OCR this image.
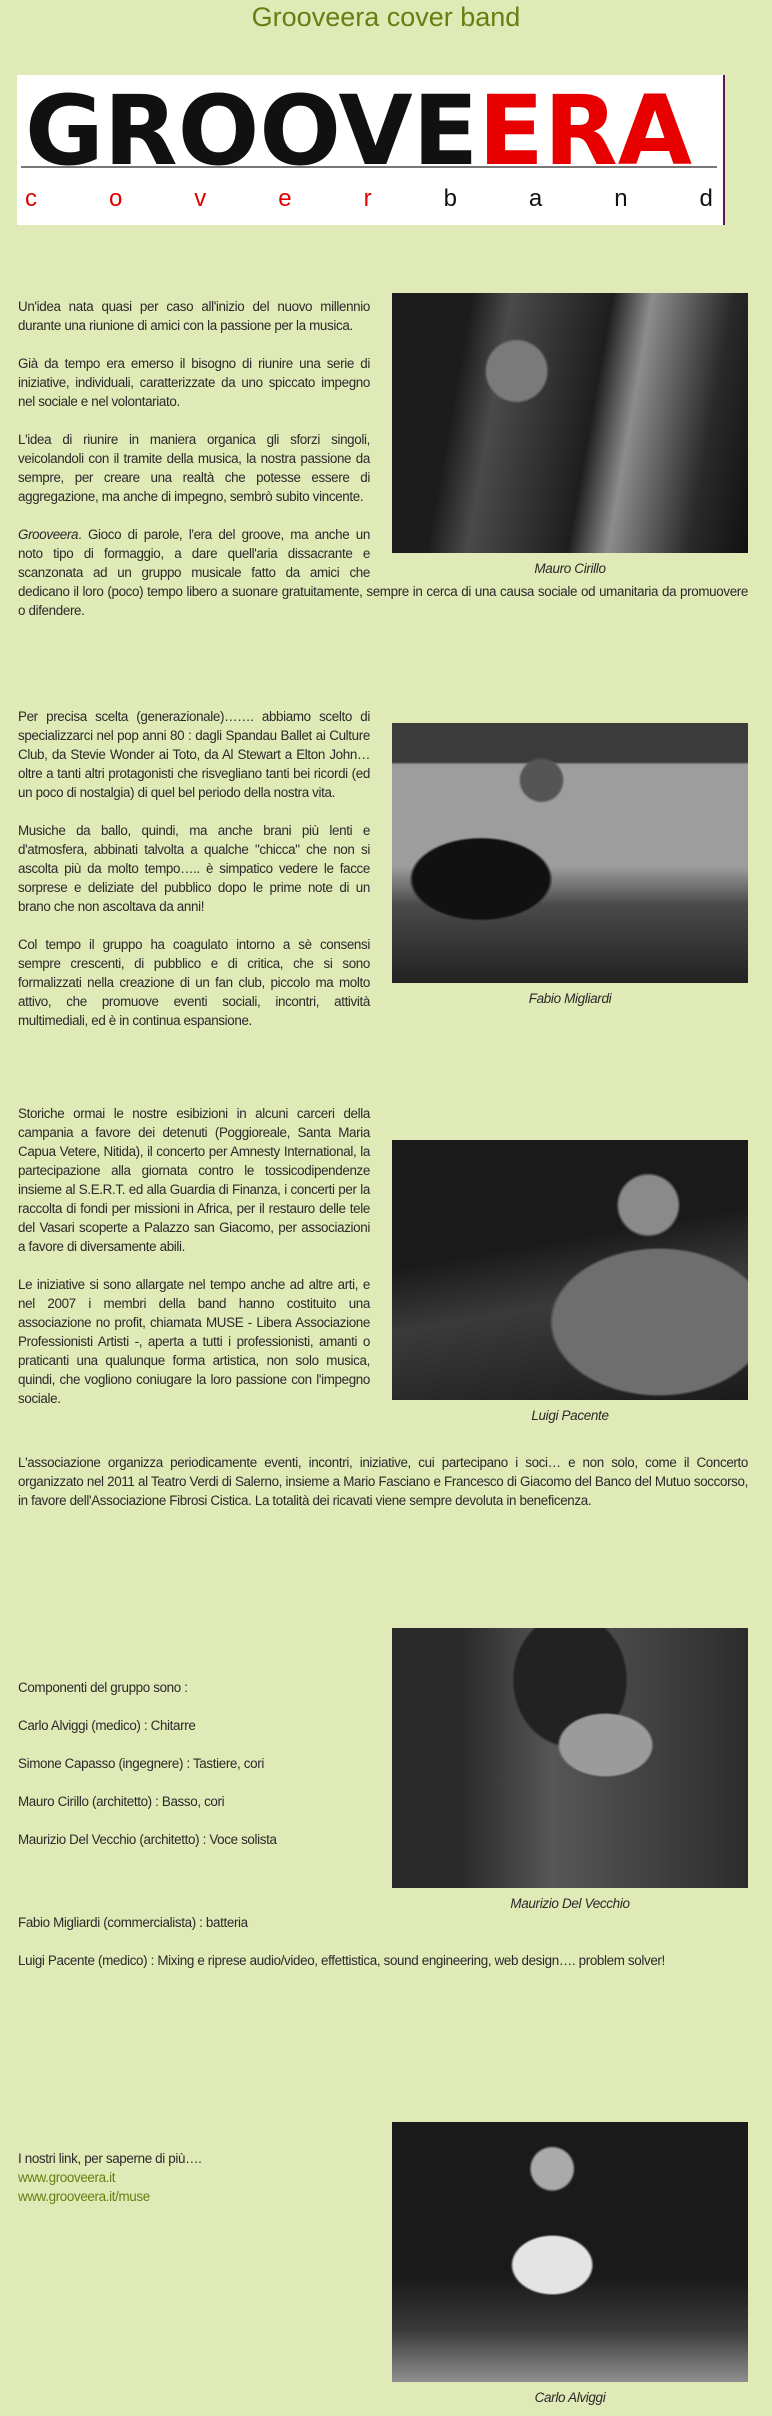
Grooveera cover band
GROOVEERA
c	o	v	e	r	b	a	n	d
Mauro Cirillo

Un'idea nata quasi per caso all'inizio del nuovo millennio durante una riunione di amici con la passione per la musica.

Già da tempo era emerso il bisogno di riunire una serie di iniziative, individuali, caratterizzate da uno spiccato impegno nel sociale e nel volontariato.

L'idea di riunire in maniera organica gli sforzi singoli, veicolandoli con il tramite della musica, la nostra passione da sempre, per creare una realtà che potesse essere di aggregazione, ma anche di impegno, sembrò subito vincente.

Grooveera. Gioco di parole, l'era del groove, ma anche un noto tipo di formaggio, a dare quell'aria dissacrante e scanzonata ad un gruppo musicale fatto da amici che dedicano il loro (poco) tempo libero a suonare gratuitamente, sempre in cerca di una causa sociale od umanitaria da promuovere o difendere.

Fabio Migliardi

Per precisa scelta (generazionale)……. abbiamo scelto di specializzarci nel pop anni 80 : dagli Spandau Ballet ai Culture Club, da Stevie Wonder ai Toto, da Al Stewart a Elton John… oltre a tanti altri protagonisti che risvegliano tanti bei ricordi (ed un poco di nostalgia) di quel bel periodo della nostra vita.

Musiche da ballo, quindi, ma anche brani più lenti e d'atmosfera, abbinati talvolta a qualche "chicca" che non si ascolta più da molto tempo….. è simpatico vedere le facce sorprese e deliziate del pubblico dopo le prime note di un brano che non ascoltava da anni!

Col tempo il gruppo ha coagulato intorno a sè consensi sempre crescenti, di pubblico e di critica, che si sono formalizzati nella creazione di un fan club, piccolo ma molto attivo, che promuove eventi sociali, incontri, attività multimediali, ed è in continua espansione.

Luigi Pacente

Storiche ormai le nostre esibizioni in alcuni carceri della campania a favore dei detenuti (Poggioreale, Santa Maria Capua Vetere, Nitida), il concerto per Amnesty International, la partecipazione alla giornata contro le tossicodipendenze insieme al S.E.R.T. ed alla Guardia di Finanza, i concerti per la raccolta di fondi per missioni in Africa, per il restauro delle tele del Vasari scoperte a Palazzo san Giacomo, per associazioni a favore di diversamente abili.

Le iniziative si sono allargate nel tempo anche ad altre arti, e nel 2007 i membri della band hanno costituito una associazione no profit, chiamata MUSE - Libera Associazione Professionisti Artisti -, aperta a tutti i professionisti, amanti o praticanti una qualunque forma artistica, non solo musica, quindi, che vogliono coniugare la loro passione con l'impegno sociale.

L'associazione organizza periodicamente eventi, incontri, iniziative, cui partecipano i soci… e non solo, come il Concerto organizzato nel 2011 al Teatro Verdi di Salerno, insieme a Mario Fasciano e Francesco di Giacomo del Banco del Mutuo soccorso, in favore dell'Associazione Fibrosi Cistica. La totalità dei ricavati viene sempre devoluta in beneficenza.

Maurizio Del Vecchio

Componenti del gruppo sono :

Carlo Alviggi (medico) : Chitarre

Simone Capasso (ingegnere) : Tastiere, cori

Mauro Cirillo (architetto) : Basso, cori

Maurizio Del Vecchio (architetto) : Voce solista

Fabio Migliardi (commercialista) : batteria

Luigi Pacente (medico) : Mixing e riprese audio/video, effettistica, sound engineering, web design…. problem solver!

Carlo Alviggi
I nostri link, per saperne di più….
www.grooveera.it
www.grooveera.it/muse
